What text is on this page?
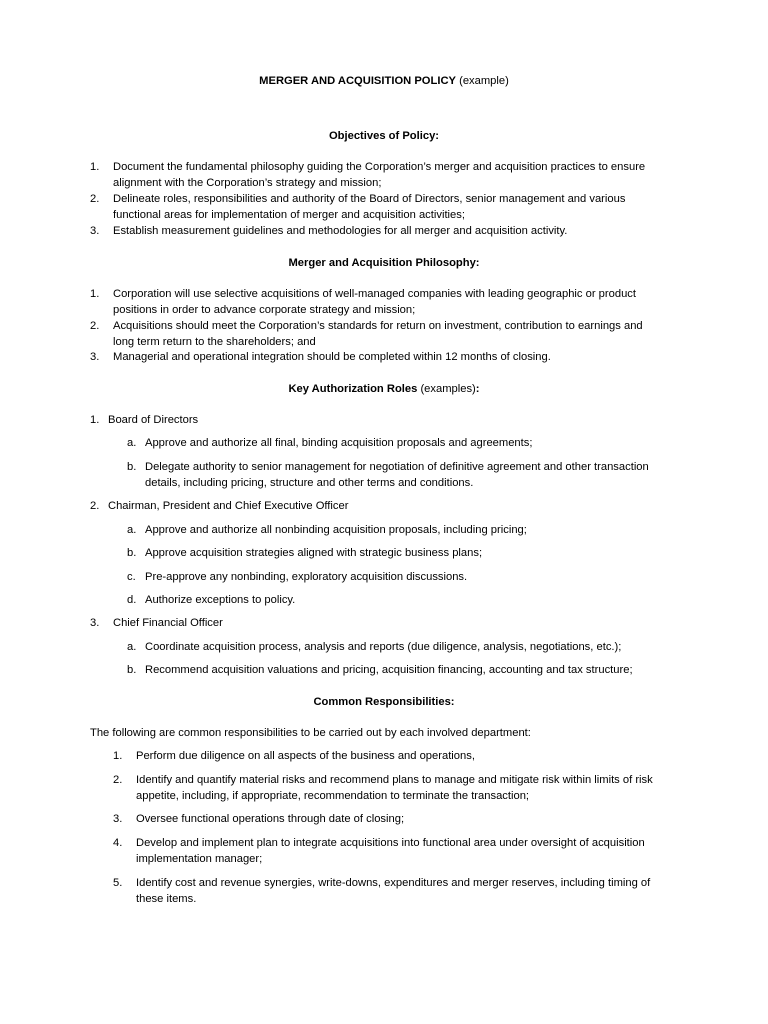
MERGER AND ACQUISITION POLICY (example)
Objectives of Policy:
1. Document the fundamental philosophy guiding the Corporation’s merger and acquisition practices to ensure
alignment with the Corporation’s strategy and mission;
2. Delineate roles, responsibilities and authority of the Board of Directors, senior management and various
functional areas for implementation of merger and acquisition activities;
3. Establish measurement guidelines and methodologies for all merger and acquisition activity.
Merger and Acquisition Philosophy:
1. Corporation will use selective acquisitions of well-managed companies with leading geographic or product
positions in order to advance corporate strategy and mission;
2. Acquisitions should meet the Corporation’s standards for return on investment, contribution to earnings and
long term return to the shareholders; and
3. Managerial and operational integration should be completed within 12 months of closing.
Key Authorization Roles (examples):
1. Board of Directors
a. Approve and authorize all final, binding acquisition proposals and agreements;
b. Delegate authority to senior management for negotiation of definitive agreement and other transaction
details, including pricing, structure and other terms and conditions.
2. Chairman, President and Chief Executive Officer
a. Approve and authorize all nonbinding acquisition proposals, including pricing;
b. Approve acquisition strategies aligned with strategic business plans;
c. Pre-approve any nonbinding, exploratory acquisition discussions.
d. Authorize exceptions to policy.
3. Chief Financial Officer
a. Coordinate acquisition process, analysis and reports (due diligence, analysis, negotiations, etc.);
b. Recommend acquisition valuations and pricing, acquisition financing, accounting and tax structure;
Common Responsibilities:
The following are common responsibilities to be carried out by each involved department:
1. Perform due diligence on all aspects of the business and operations,
2. Identify and quantify material risks and recommend plans to manage and mitigate risk within limits of risk
appetite, including, if appropriate, recommendation to terminate the transaction;
3. Oversee functional operations through date of closing;
4. Develop and implement plan to integrate acquisitions into functional area under oversight of acquisition
implementation manager;
5. Identify cost and revenue synergies, write-downs, expenditures and merger reserves, including timing of
these items.
